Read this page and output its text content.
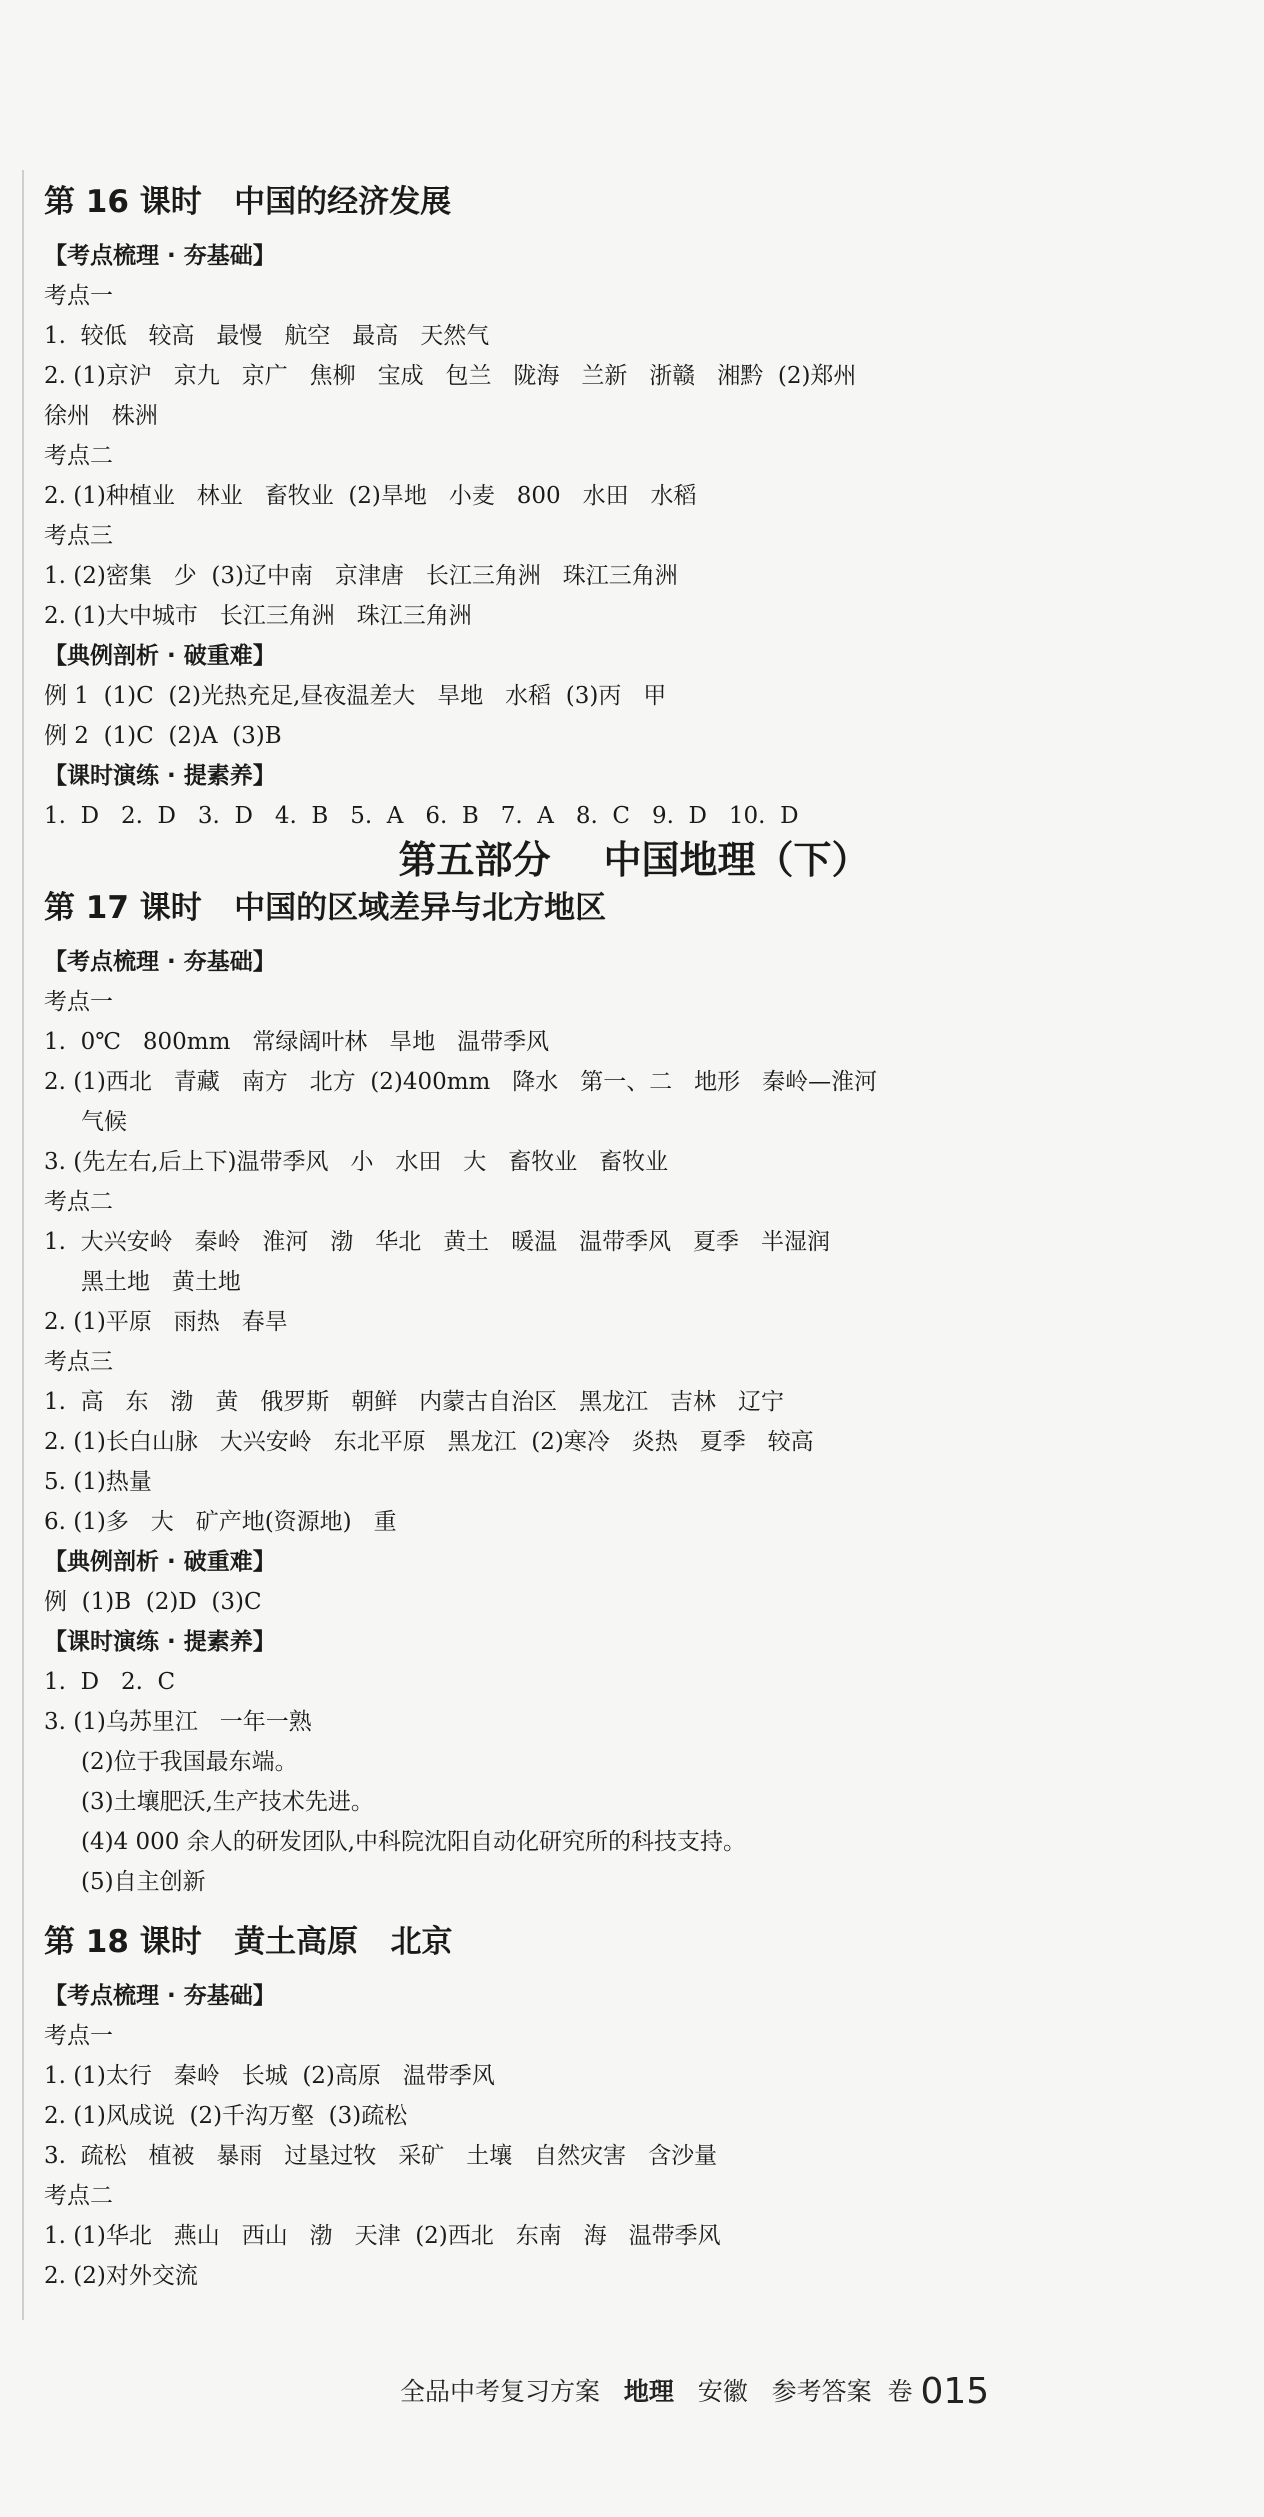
第 16 课时   中国的经济发展
【考点梳理 · 夯基础】
考点一
1.  较低   较高   最慢   航空   最高   天然气
2. (1)京沪   京九   京广   焦柳   宝成   包兰   陇海   兰新   浙赣   湘黔  (2)郑州
徐州   株洲
考点二
2. (1)种植业   林业   畜牧业  (2)旱地   小麦   800   水田   水稻
考点三
1. (2)密集   少  (3)辽中南   京津唐   长江三角洲   珠江三角洲
2. (1)大中城市   长江三角洲   珠江三角洲
【典例剖析 · 破重难】
例 1  (1)C  (2)光热充足,昼夜温差大   旱地   水稻  (3)丙   甲
例 2  (1)C  (2)A  (3)B
【课时演练 · 提素养】
1.  D   2.  D   3.  D   4.  B   5.  A   6.  B   7.  A   8.  C   9.  D   10.  D
第五部分    中国地理（下）
第 17 课时   中国的区域差异与北方地区
【考点梳理 · 夯基础】
考点一
1.  0℃   800mm   常绿阔叶林   旱地   温带季风
2. (1)西北   青藏   南方   北方  (2)400mm   降水   第一、二   地形   秦岭—淮河
气候
3. (先左右,后上下)温带季风   小   水田   大   畜牧业   畜牧业
考点二
1.  大兴安岭   秦岭   淮河   渤   华北   黄土   暖温   温带季风   夏季   半湿润
黑土地   黄土地
2. (1)平原   雨热   春旱
考点三
1.  高   东   渤   黄   俄罗斯   朝鲜   内蒙古自治区   黑龙江   吉林   辽宁
2. (1)长白山脉   大兴安岭   东北平原   黑龙江  (2)寒冷   炎热   夏季   较高
5. (1)热量
6. (1)多   大   矿产地(资源地)   重
【典例剖析 · 破重难】
例  (1)B  (2)D  (3)C
【课时演练 · 提素养】
1.  D   2.  C
3. (1)乌苏里江   一年一熟
(2)位于我国最东端。
(3)土壤肥沃,生产技术先进。
(4)4 000 余人的研发团队,中科院沈阳自动化研究所的科技支持。
(5)自主创新
第 18 课时   黄土高原   北京
【考点梳理 · 夯基础】
考点一
1. (1)太行   秦岭   长城  (2)高原   温带季风
2. (1)风成说  (2)千沟万壑  (3)疏松
3.  疏松   植被   暴雨   过垦过牧   采矿   土壤   自然灾害   含沙量
考点二
1. (1)华北   燕山   西山   渤   天津  (2)西北   东南   海   温带季风
2. (2)对外交流
全品中考复习方案 地理 安徽 参考答案 卷 015
